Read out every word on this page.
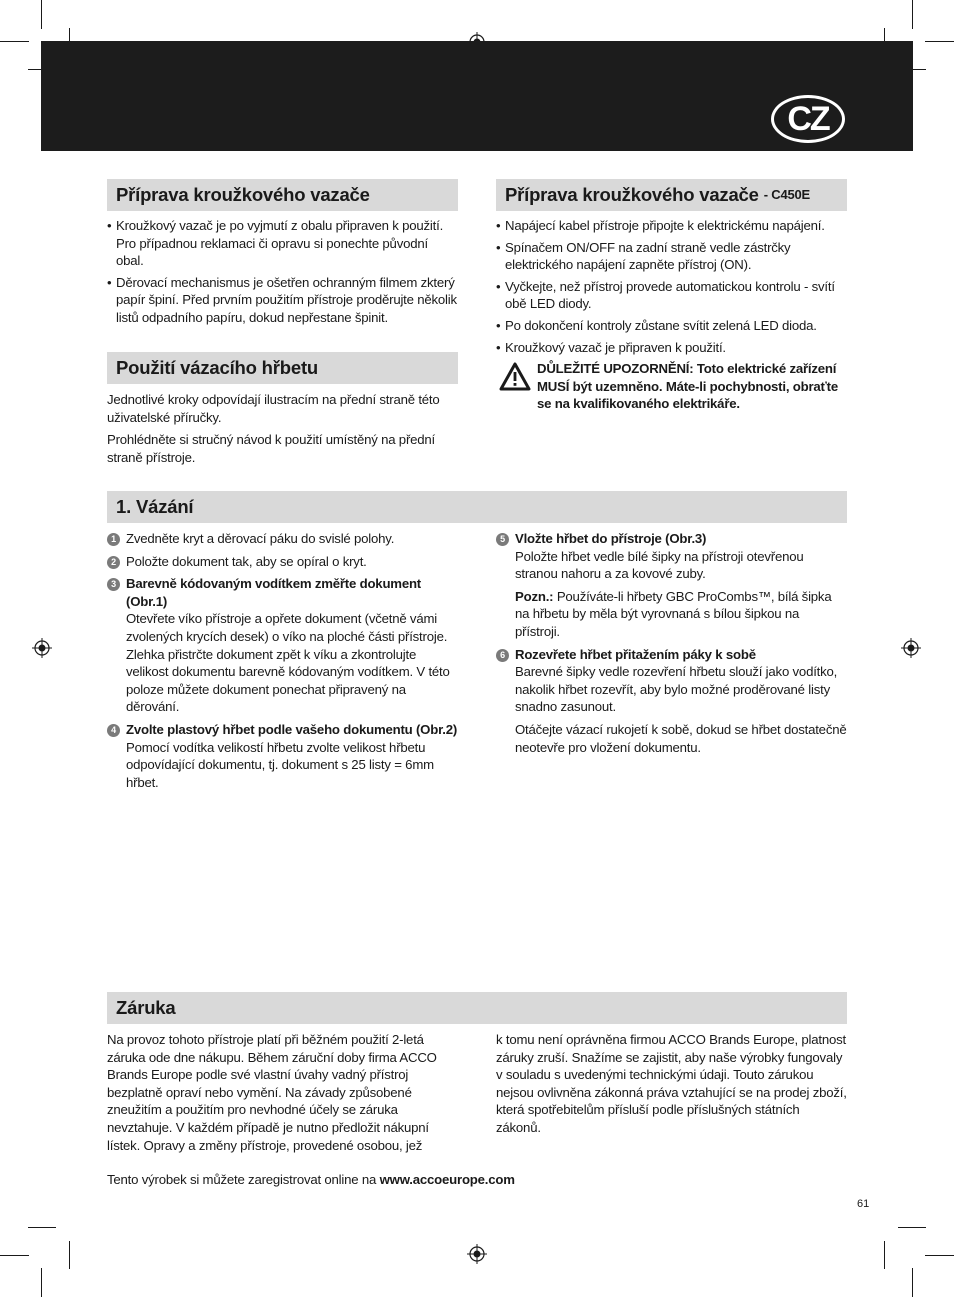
CZ
Příprava kroužkového vazače
• Kroužkový vazač je po vyjmutí z obalu připraven k použití. Pro případnou reklamaci či opravu si ponechte původní obal.
• Děrovací mechanismus je ošetřen ochranným filmem zkterý papír špiní. Před prvním použitím přístroje proděrujte několik listů odpadního papíru, dokud nepřestane špinit.
Použití vázacího hřbetu

Jednotlivé kroky odpovídají ilustracím na přední straně této uživatelské příručky.

Prohlédněte si stručný návod k použití umístěný na přední straně přístroje.

Příprava kroužkového vazače - C450E
• Napájecí kabel přístroje připojte k elektrickému napájení.
• Spínačem ON/OFF na zadní straně vedle zástrčky elektrického napájení zapněte přístroj (ON).
• Vyčkejte, než přístroj provede automatickou kontrolu - svítí obě LED diody.
• Po dokončení kontroly zůstane svítit zelená LED dioda.
• Kroužkový vazač je připraven k použití.
DŮLEŽITÉ UPOZORNĚNÍ: Toto elektrické zařízení MUSÍ být uzemněno. Máte-li pochybnosti, obraťte se na kvalifikovaného elektrikáře.
1. Vázání
1 Zvedněte kryt a děrovací páku do svislé polohy.
2 Položte dokument tak, aby se opíral o kryt.
3 Barevně kódovaným vodítkem změřte dokument (Obr.1)
Otevřete víko přístroje a opřete dokument (včetně vámi zvolených krycích desek) o víko na ploché části přístroje. Zlehka přistrčte dokument zpět k víku a zkontrolujte velikost dokumentu barevně kódovaným vodítkem. V této poloze můžete dokument ponechat připravený na děrování.
4 Zvolte plastový hřbet podle vašeho dokumentu (Obr.2)
Pomocí vodítka velikostí hřbetu zvolte velikost hřbetu odpovídající dokumentu, tj. dokument s 25 listy = 6mm hřbet.
5 Vložte hřbet do přístroje (Obr.3)
Položte hřbet vedle bílé šipky na přístroji otevřenou stranou nahoru a za kovové zuby.
Pozn.: Používáte-li hřbety GBC ProCombs™, bílá šipka na hřbetu by měla být vyrovnaná s bílou šipkou na přístroji.
6 Rozevřete hřbet přitažením páky k sobě
Barevné šipky vedle rozevření hřbetu slouží jako vodítko, nakolik hřbet rozevřít, aby bylo možné proděrované listy snadno zasunout.
Otáčejte vázací rukojetí k sobě, dokud se hřbet dostatečně neotevře pro vložení dokumentu.
Záruka

Na provoz tohoto přístroje platí při běžném použití 2-letá záruka ode dne nákupu. Během záruční doby firma ACCO Brands Europe podle své vlastní úvahy vadný přístroj bezplatně opraví nebo vymění. Na závady způsobené zneužitím a použitím pro nevhodné účely se záruka nevztahuje. V každém případě je nutno předložit nákupní lístek. Opravy a změny přístroje, provedené osobou, jež

k tomu není oprávněna firmou ACCO Brands Europe, platnost záruky zruší. Snažíme se zajistit, aby naše výrobky fungovaly v souladu s uvedenými technickými údaji. Touto zárukou nejsou ovlivněna zákonná práva vztahující se na prodej zboží, která spotřebitelům přísluší podle příslušných státních zákonů.

Tento výrobek si můžete zaregistrovat online na www.accoeurope.com
61
